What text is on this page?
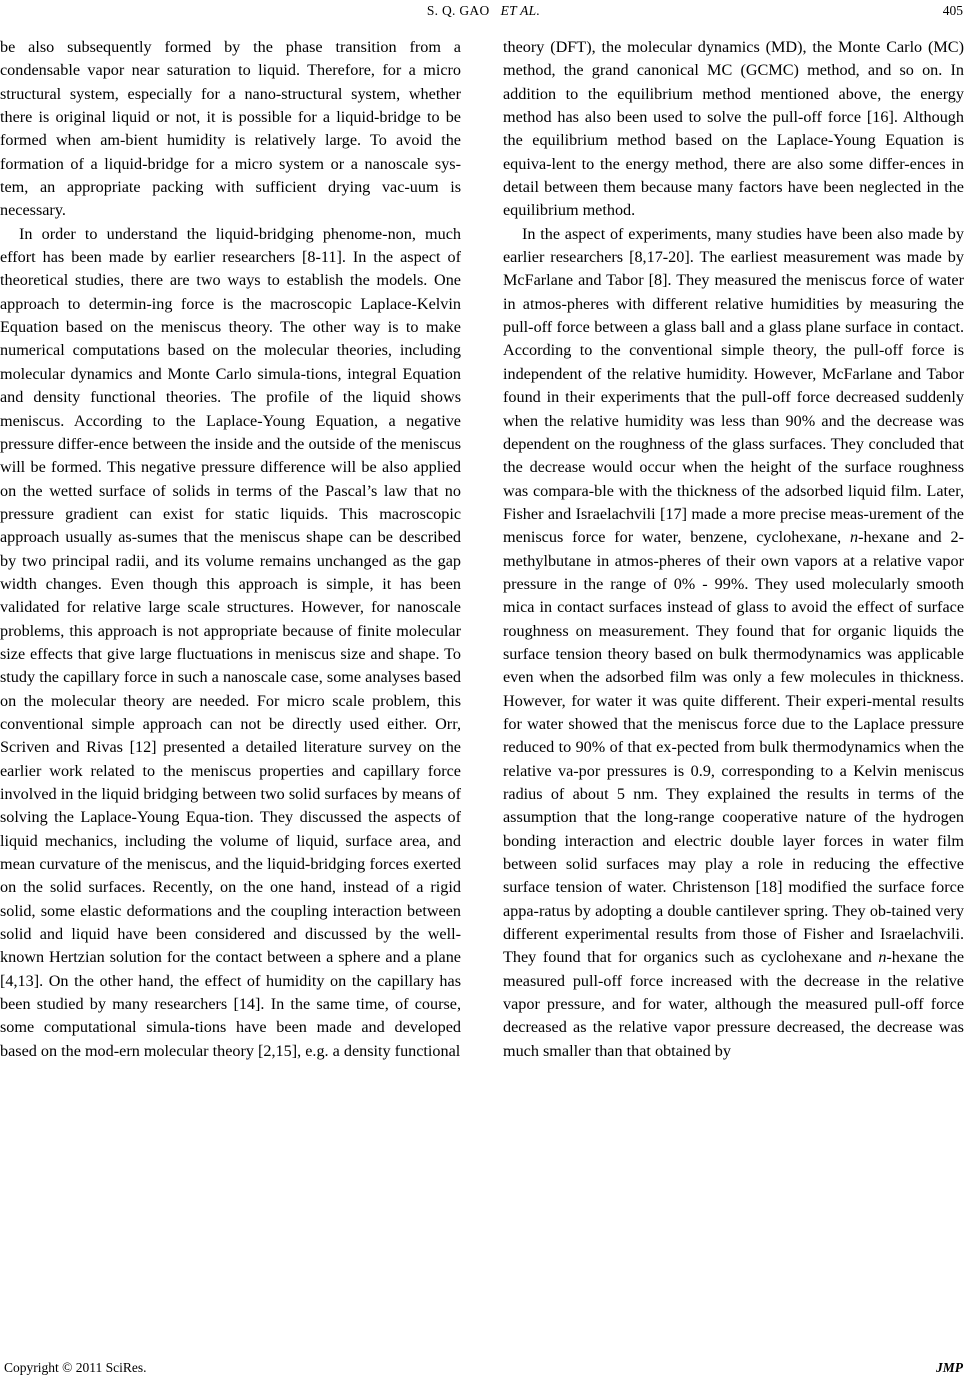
S. Q. GAO ET AL.	405

be also subsequently formed by the phase transition from a condensable vapor near saturation to liquid. Therefore, for a micro structural system, especially for a nano-structural system, whether there is original liquid or not, it is possible for a liquid-bridge to be formed when am-bient humidity is relatively large. To avoid the formation of a liquid-bridge for a micro system or a nanoscale sys-tem, an appropriate packing with sufficient drying vac-uum is necessary.

In order to understand the liquid-bridging phenome-non, much effort has been made by earlier researchers [8-11]. In the aspect of theoretical studies, there are two ways to establish the models. One approach to determin-ing force is the macroscopic Laplace-Kelvin Equation based on the meniscus theory. The other way is to make numerical computations based on the molecular theories, including molecular dynamics and Monte Carlo simula-tions, integral Equation and density functional theories. The profile of the liquid shows meniscus. According to the Laplace-Young Equation, a negative pressure differ-ence between the inside and the outside of the meniscus will be formed. This negative pressure difference will be also applied on the wetted surface of solids in terms of the Pascal’s law that no pressure gradient can exist for static liquids. This macroscopic approach usually as-sumes that the meniscus shape can be described by two principal radii, and its volume remains unchanged as the gap width changes. Even though this approach is simple, it has been validated for relative large scale structures. However, for nanoscale problems, this approach is not appropriate because of finite molecular size effects that give large fluctuations in meniscus size and shape. To study the capillary force in such a nanoscale case, some analyses based on the molecular theory are needed. For micro scale problem, this conventional simple approach can not be directly used either. Orr, Scriven and Rivas [12] presented a detailed literature survey on the earlier work related to the meniscus properties and capillary force involved in the liquid bridging between two solid surfaces by means of solving the Laplace-Young Equa-tion. They discussed the aspects of liquid mechanics, including the volume of liquid, surface area, and mean curvature of the meniscus, and the liquid-bridging forces exerted on the solid surfaces. Recently, on the one hand, instead of a rigid solid, some elastic deformations and the coupling interaction between solid and liquid have been considered and discussed by the well-known Hertzian solution for the contact between a sphere and a plane [4,13]. On the other hand, the effect of humidity on the capillary has been studied by many researchers [14]. In the same time, of course, some computational simula-tions have been made and developed based on the mod-ern molecular theory [2,15], e.g. a density functional

theory (DFT), the molecular dynamics (MD), the Monte Carlo (MC) method, the grand canonical MC (GCMC) method, and so on. In addition to the equilibrium method mentioned above, the energy method has also been used to solve the pull-off force [16]. Although the equilibrium method based on the Laplace-Young Equation is equiva-lent to the energy method, there are also some differ-ences in detail between them because many factors have been neglected in the equilibrium method.

In the aspect of experiments, many studies have been also made by earlier researchers [8,17-20]. The earliest measurement was made by McFarlane and Tabor [8]. They measured the meniscus force of water in atmos-pheres with different relative humidities by measuring the pull-off force between a glass ball and a glass plane surface in contact. According to the conventional simple theory, the pull-off force is independent of the relative humidity. However, McFarlane and Tabor found in their experiments that the pull-off force decreased suddenly when the relative humidity was less than 90% and the decrease was dependent on the roughness of the glass surfaces. They concluded that the decrease would occur when the height of the surface roughness was compara-ble with the thickness of the adsorbed liquid film. Later, Fisher and Israelachvili [17] made a more precise meas-urement of the meniscus force for water, benzene, cyclohexane, n-hexane and 2-methylbutane in atmos-pheres of their own vapors at a relative vapor pressure in the range of 0% - 99%. They used molecularly smooth mica in contact surfaces instead of glass to avoid the effect of surface roughness on measurement. They found that for organic liquids the surface tension theory based on bulk thermodynamics was applicable even when the adsorbed film was only a few molecules in thickness. However, for water it was quite different. Their experi-mental results for water showed that the meniscus force due to the Laplace pressure reduced to 90% of that ex-pected from bulk thermodynamics when the relative va-por pressures is 0.9, corresponding to a Kelvin meniscus radius of about 5 nm. They explained the results in terms of the assumption that the long-range cooperative nature of the hydrogen bonding interaction and electric double layer forces in water film between solid surfaces may play a role in reducing the effective surface tension of water. Christenson [18] modified the surface force appa-ratus by adopting a double cantilever spring. They ob-tained very different experimental results from those of Fisher and Israelachvili. They found that for organics such as cyclohexane and n-hexane the measured pull-off force increased with the decrease in the relative vapor pressure, and for water, although the measured pull-off force decreased as the relative vapor pressure decreased, the decrease was much smaller than that obtained by

Copyright © 2011 SciRes.	JMP
